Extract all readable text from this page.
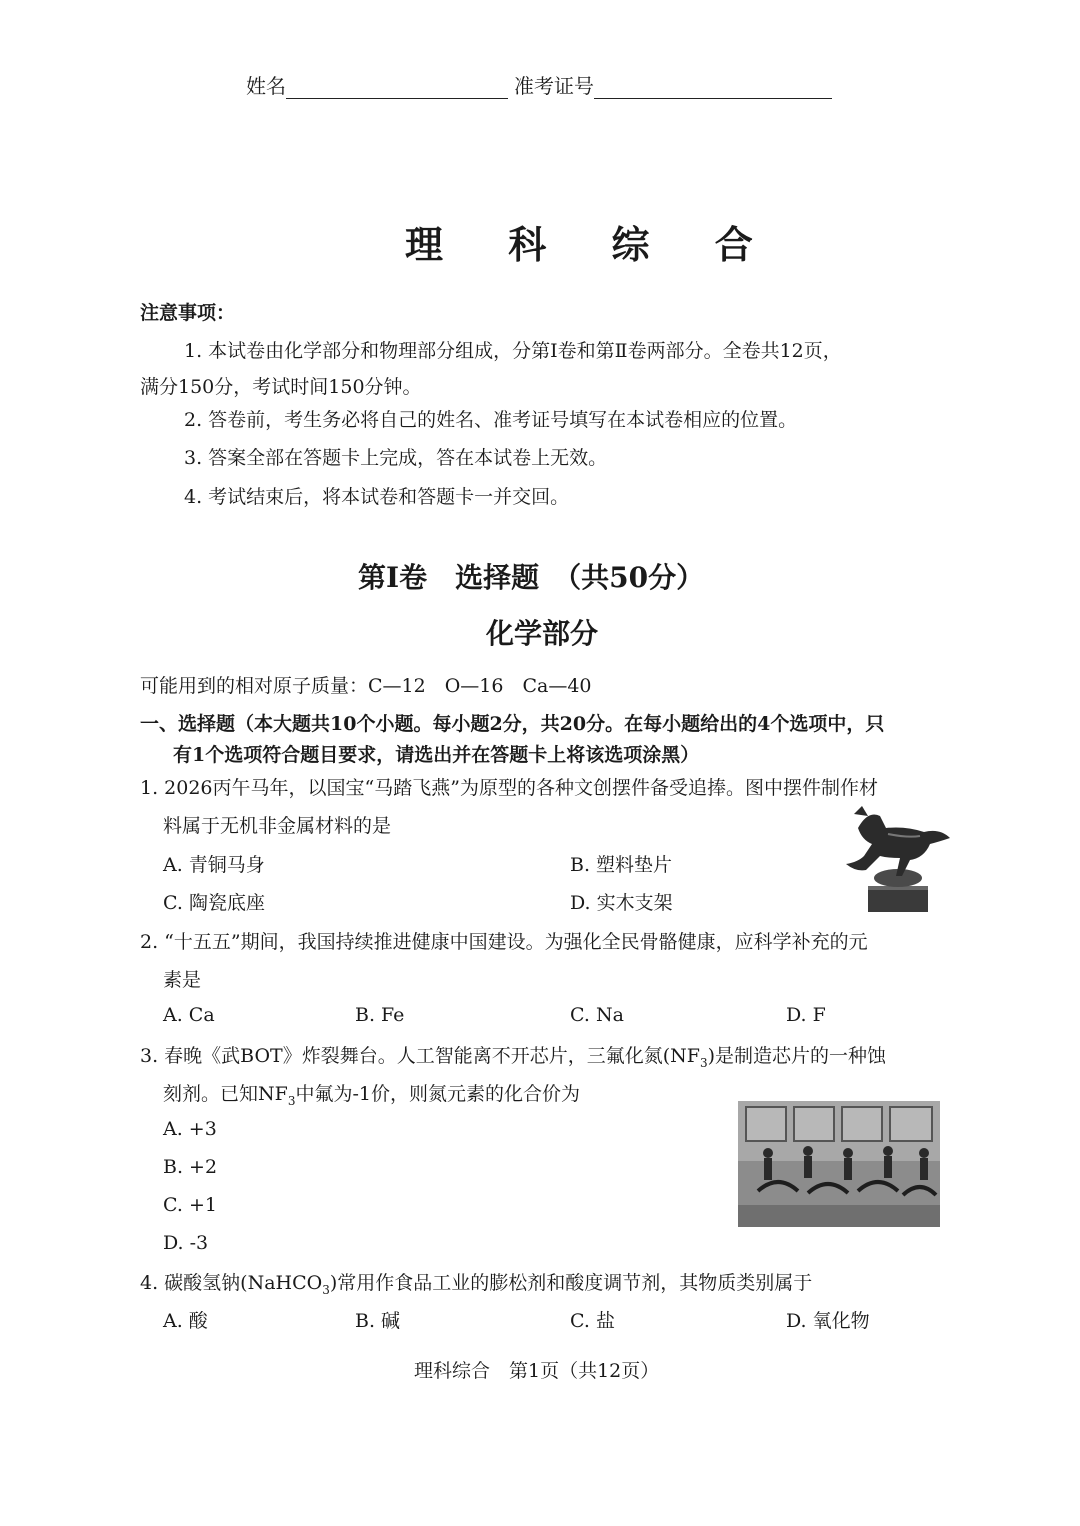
姓名	准考证号
理 科 综 合
注意事项：
1. 本试卷由化学部分和物理部分组成，分第Ⅰ卷和第Ⅱ卷两部分。全卷共12页，
满分150分，考试时间150分钟。
2. 答卷前，考生务必将自己的姓名、准考证号填写在本试卷相应的位置。
3. 答案全部在答题卡上完成，答在本试卷上无效。
4. 考试结束后，将本试卷和答题卡一并交回。
第Ⅰ卷　选择题　（共50分）
化学部分
可能用到的相对原子质量：C—12　O—16　Ca—40
一、选择题（本大题共10个小题。每小题2分，共20分。在每小题给出的4个选项中，只
有1个选项符合题目要求，请选出并在答题卡上将该选项涂黑）
1. 2026丙午马年，以国宝“马踏飞燕”为原型的各种文创摆件备受追捧。图中摆件制作材
料属于无机非金属材料的是
A. 青铜马身	B. 塑料垫片
C. 陶瓷底座	D. 实木支架
2. “十五五”期间，我国持续推进健康中国建设。为强化全民骨骼健康，应科学补充的元
素是
A. Ca	B. Fe	C. Na	D. F
3. 春晚《武BOT》炸裂舞台。人工智能离不开芯片，三氟化氮$(NF_3)$是制造芯片的一种蚀
刻剂。已知$NF_3$中氟为-1价，则氮元素的化合价为
A. +3
B. +2
C. +1
D. -3
4. 碳酸氢钠(NaHCO$_3$)常用作食品工业的膨松剂和酸度调节剂，其物质类别属于
A. 酸	B. 碱	C. 盐	D. 氧化物
理科综合　第1页（共12页）
